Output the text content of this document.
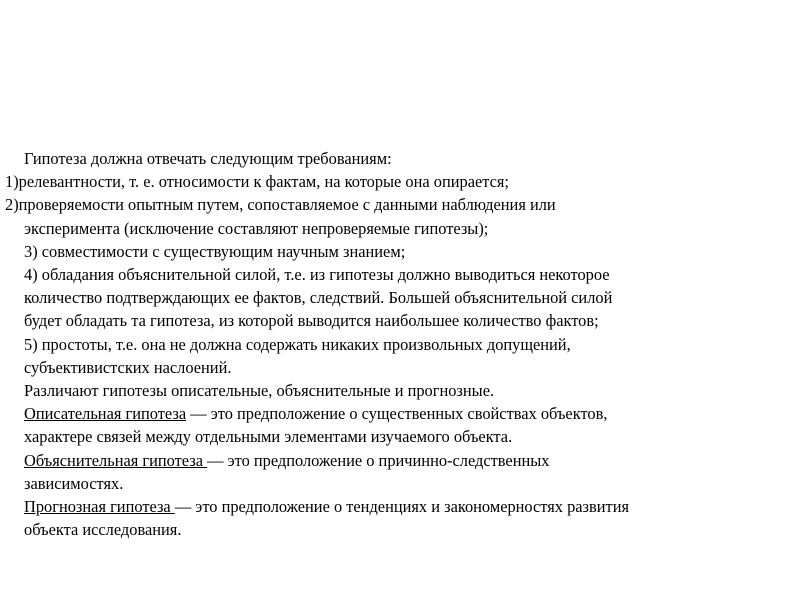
Гипотеза должна отвечать следующим требованиям:
1)релевантности, т. е. относимости к фактам, на которые она опирается;
2)проверяемости опытным путем, сопоставляемое с данными наблюдения или
эксперимента (исключение составляют непроверяемые гипотезы);
3) совместимости с существующим научным знанием;
4) обладания объяснительной силой, т.е. из гипотезы должно выводиться некоторое
количество подтверждающих ее фактов, следствий. Большей объяснительной силой
будет обладать та гипотеза, из которой выводится наибольшее количество фактов;
5) простоты, т.е. она не должна содержать никаких произвольных допущений,
субъективистских наслоений.
Различают гипотезы описательные, объяснительные и прогнозные.
Описательная гипотеза — это предположение о существенных свойствах объектов,
характере связей между отдельными элементами изучаемого объекта.
Объяснительная гипотеза — это предположение о причинно-следственных
зависимостях.
Прогнозная гипотеза — это предположение о тенденциях и закономерностях развития
объекта исследования.
